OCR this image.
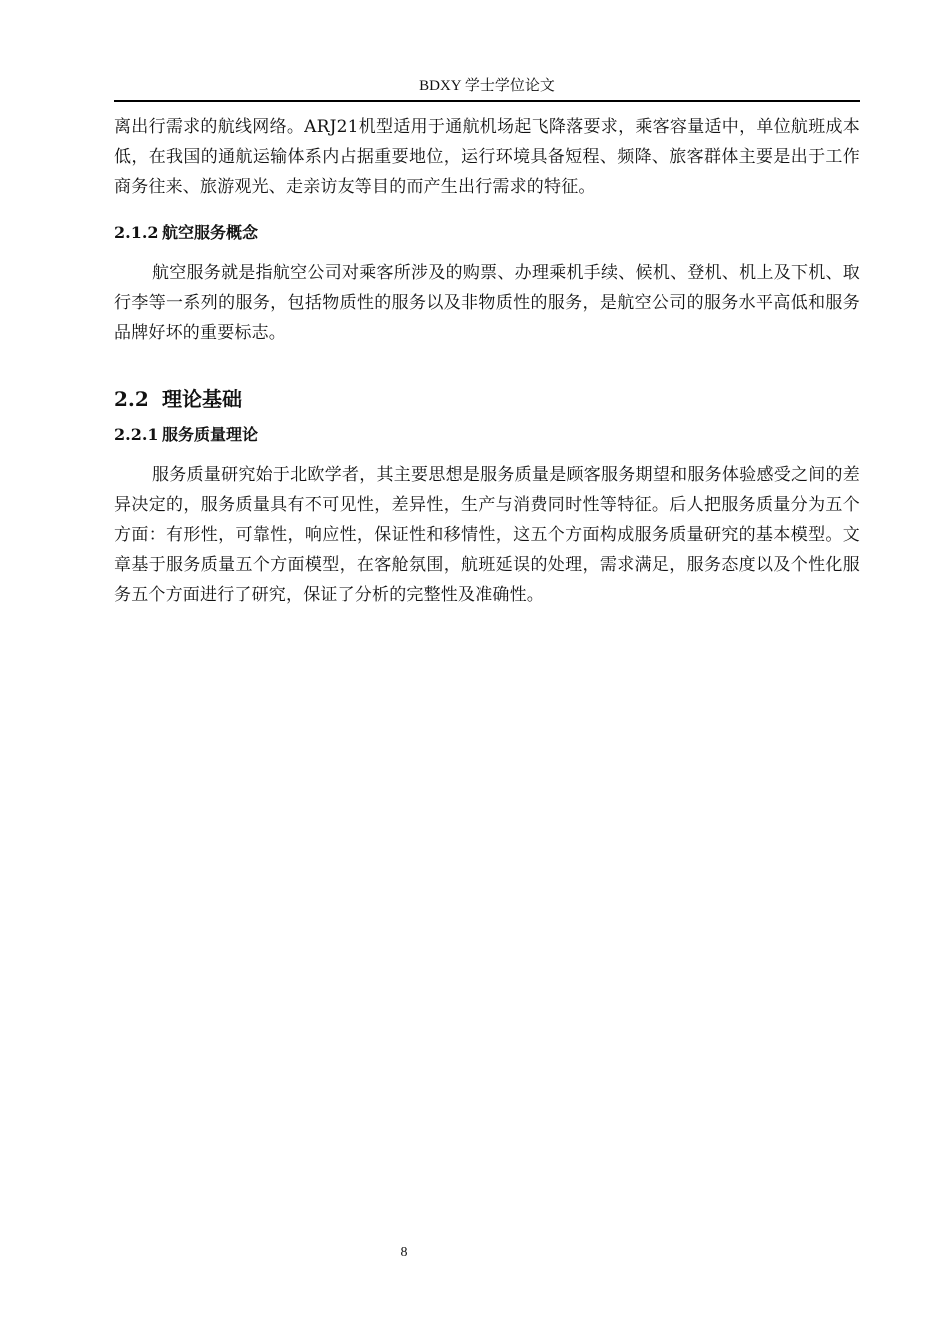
BDXY 学士学位论文

离出行需求的航线网络。ARJ21机型适用于通航机场起飞降落要求，乘客容量适中，单位航班成本低，在我国的通航运输体系内占据重要地位，运行环境具备短程、频降、旅客群体主要是出于工作商务往来、旅游观光、走亲访友等目的而产生出行需求的特征。

2.1.2 航空服务概念

航空服务就是指航空公司对乘客所涉及的购票、办理乘机手续、候机、登机、机上及下机、取行李等一系列的服务，包括物质性的服务以及非物质性的服务，是航空公司的服务水平高低和服务品牌好坏的重要标志。

2.2 理论基础
2.2.1 服务质量理论

服务质量研究始于北欧学者，其主要思想是服务质量是顾客服务期望和服务体验感受之间的差异决定的，服务质量具有不可见性，差异性，生产与消费同时性等特征。后人把服务质量分为五个方面：有形性，可靠性，响应性，保证性和移情性，这五个方面构成服务质量研究的基本模型。文章基于服务质量五个方面模型，在客舱氛围，航班延误的处理，需求满足，服务态度以及个性化服务五个方面进行了研究，保证了分析的完整性及准确性。

8
